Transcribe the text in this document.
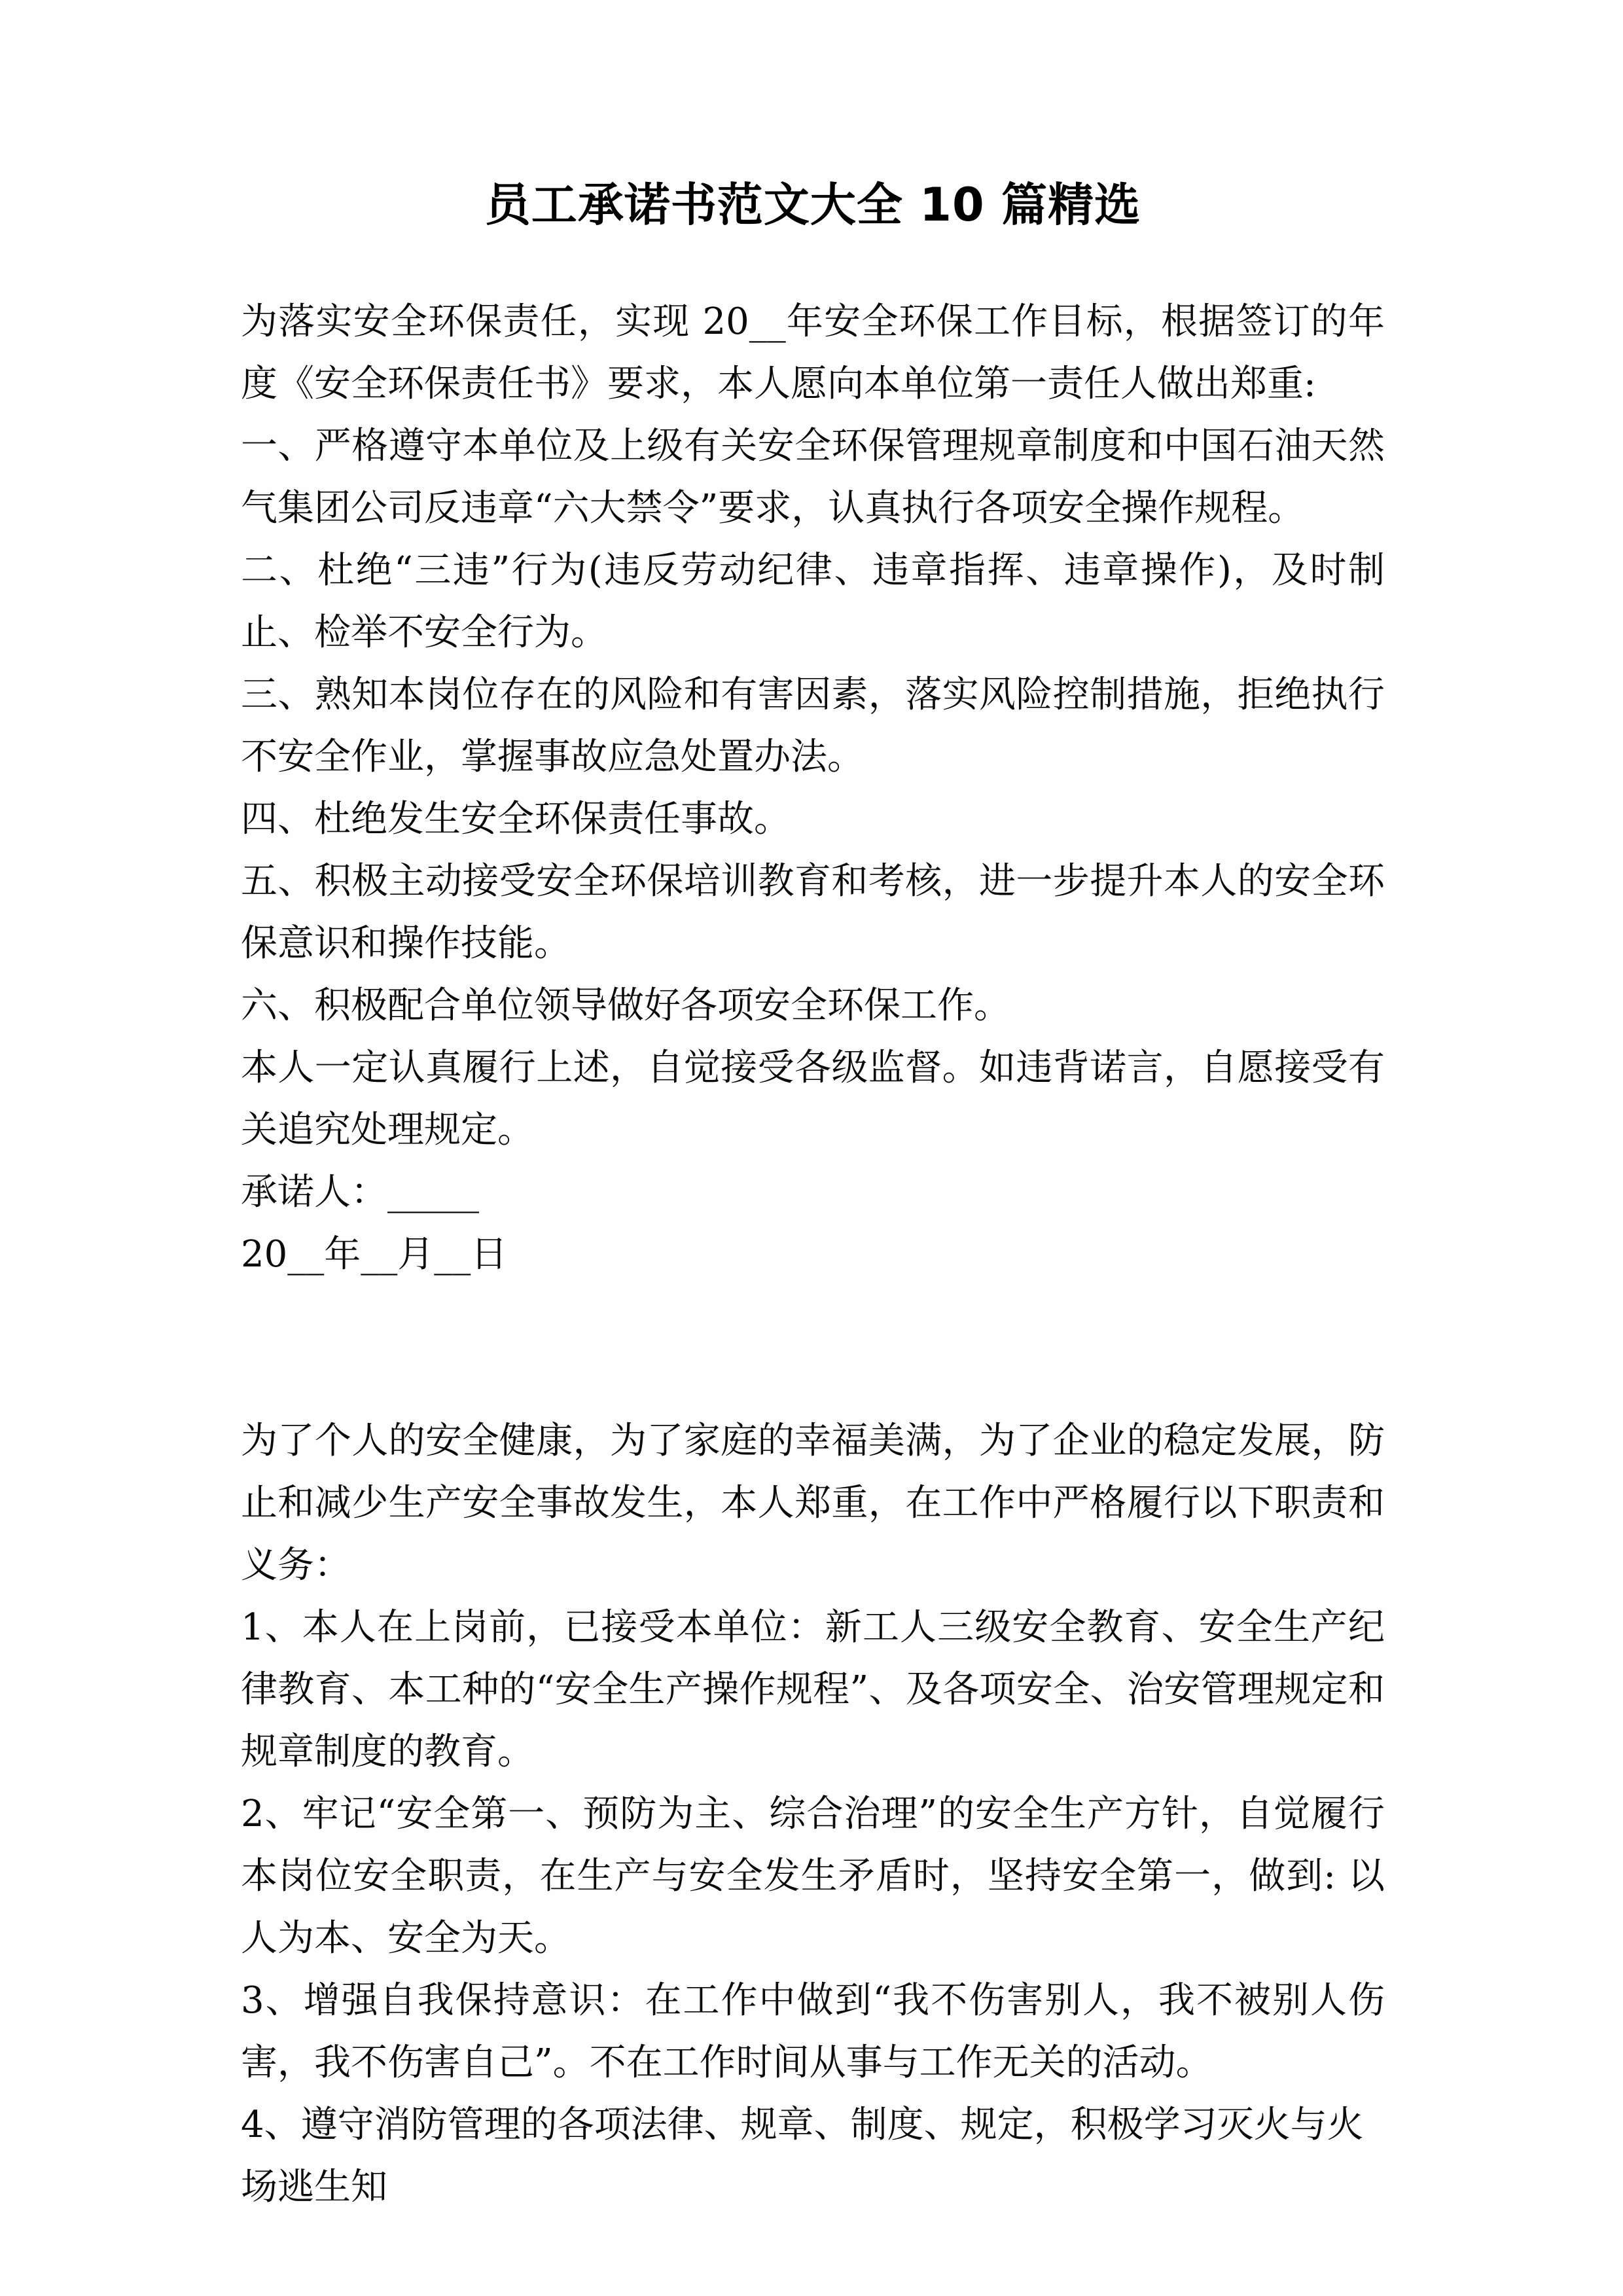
员工承诺书范文大全 10 篇精选

为落实安全环保责任，实现 20__年安全环保工作目标，根据签订的年度《安全环保责任书》要求，本人愿向本单位第一责任人做出郑重:

一、严格遵守本单位及上级有关安全环保管理规章制度和中国石油天然气集团公司反违章“六大禁令”要求，认真执行各项安全操作规程。

二、杜绝“三违”行为(违反劳动纪律、违章指挥、违章操作)，及时制止、检举不安全行为。

三、熟知本岗位存在的风险和有害因素，落实风险控制措施，拒绝执行不安全作业，掌握事故应急处置办法。

四、杜绝发生安全环保责任事故。

五、积极主动接受安全环保培训教育和考核，进一步提升本人的安全环保意识和操作技能。

六、积极配合单位领导做好各项安全环保工作。

本人一定认真履行上述，自觉接受各级监督。如违背诺言，自愿接受有关追究处理规定。

承诺人：_____

20__年__月__日

为了个人的安全健康，为了家庭的幸福美满，为了企业的稳定发展，防止和减少生产安全事故发生，本人郑重，在工作中严格履行以下职责和义务：

1、本人在上岗前，已接受本单位：新工人三级安全教育、安全生产纪律教育、本工种的“安全生产操作规程”、及各项安全、治安管理规定和规章制度的教育。

2、牢记“安全第一、预防为主、综合治理”的安全生产方针，自觉履行本岗位安全职责，在生产与安全发生矛盾时，坚持安全第一，做到: 以人为本、安全为天。

3、增强自我保持意识：在工作中做到“我不伤害别人，我不被别人伤害，我不伤害自己”。不在工作时间从事与工作无关的活动。

4、遵守消防管理的各项法律、规章、制度、规定，积极学习灭火与火场逃生知
